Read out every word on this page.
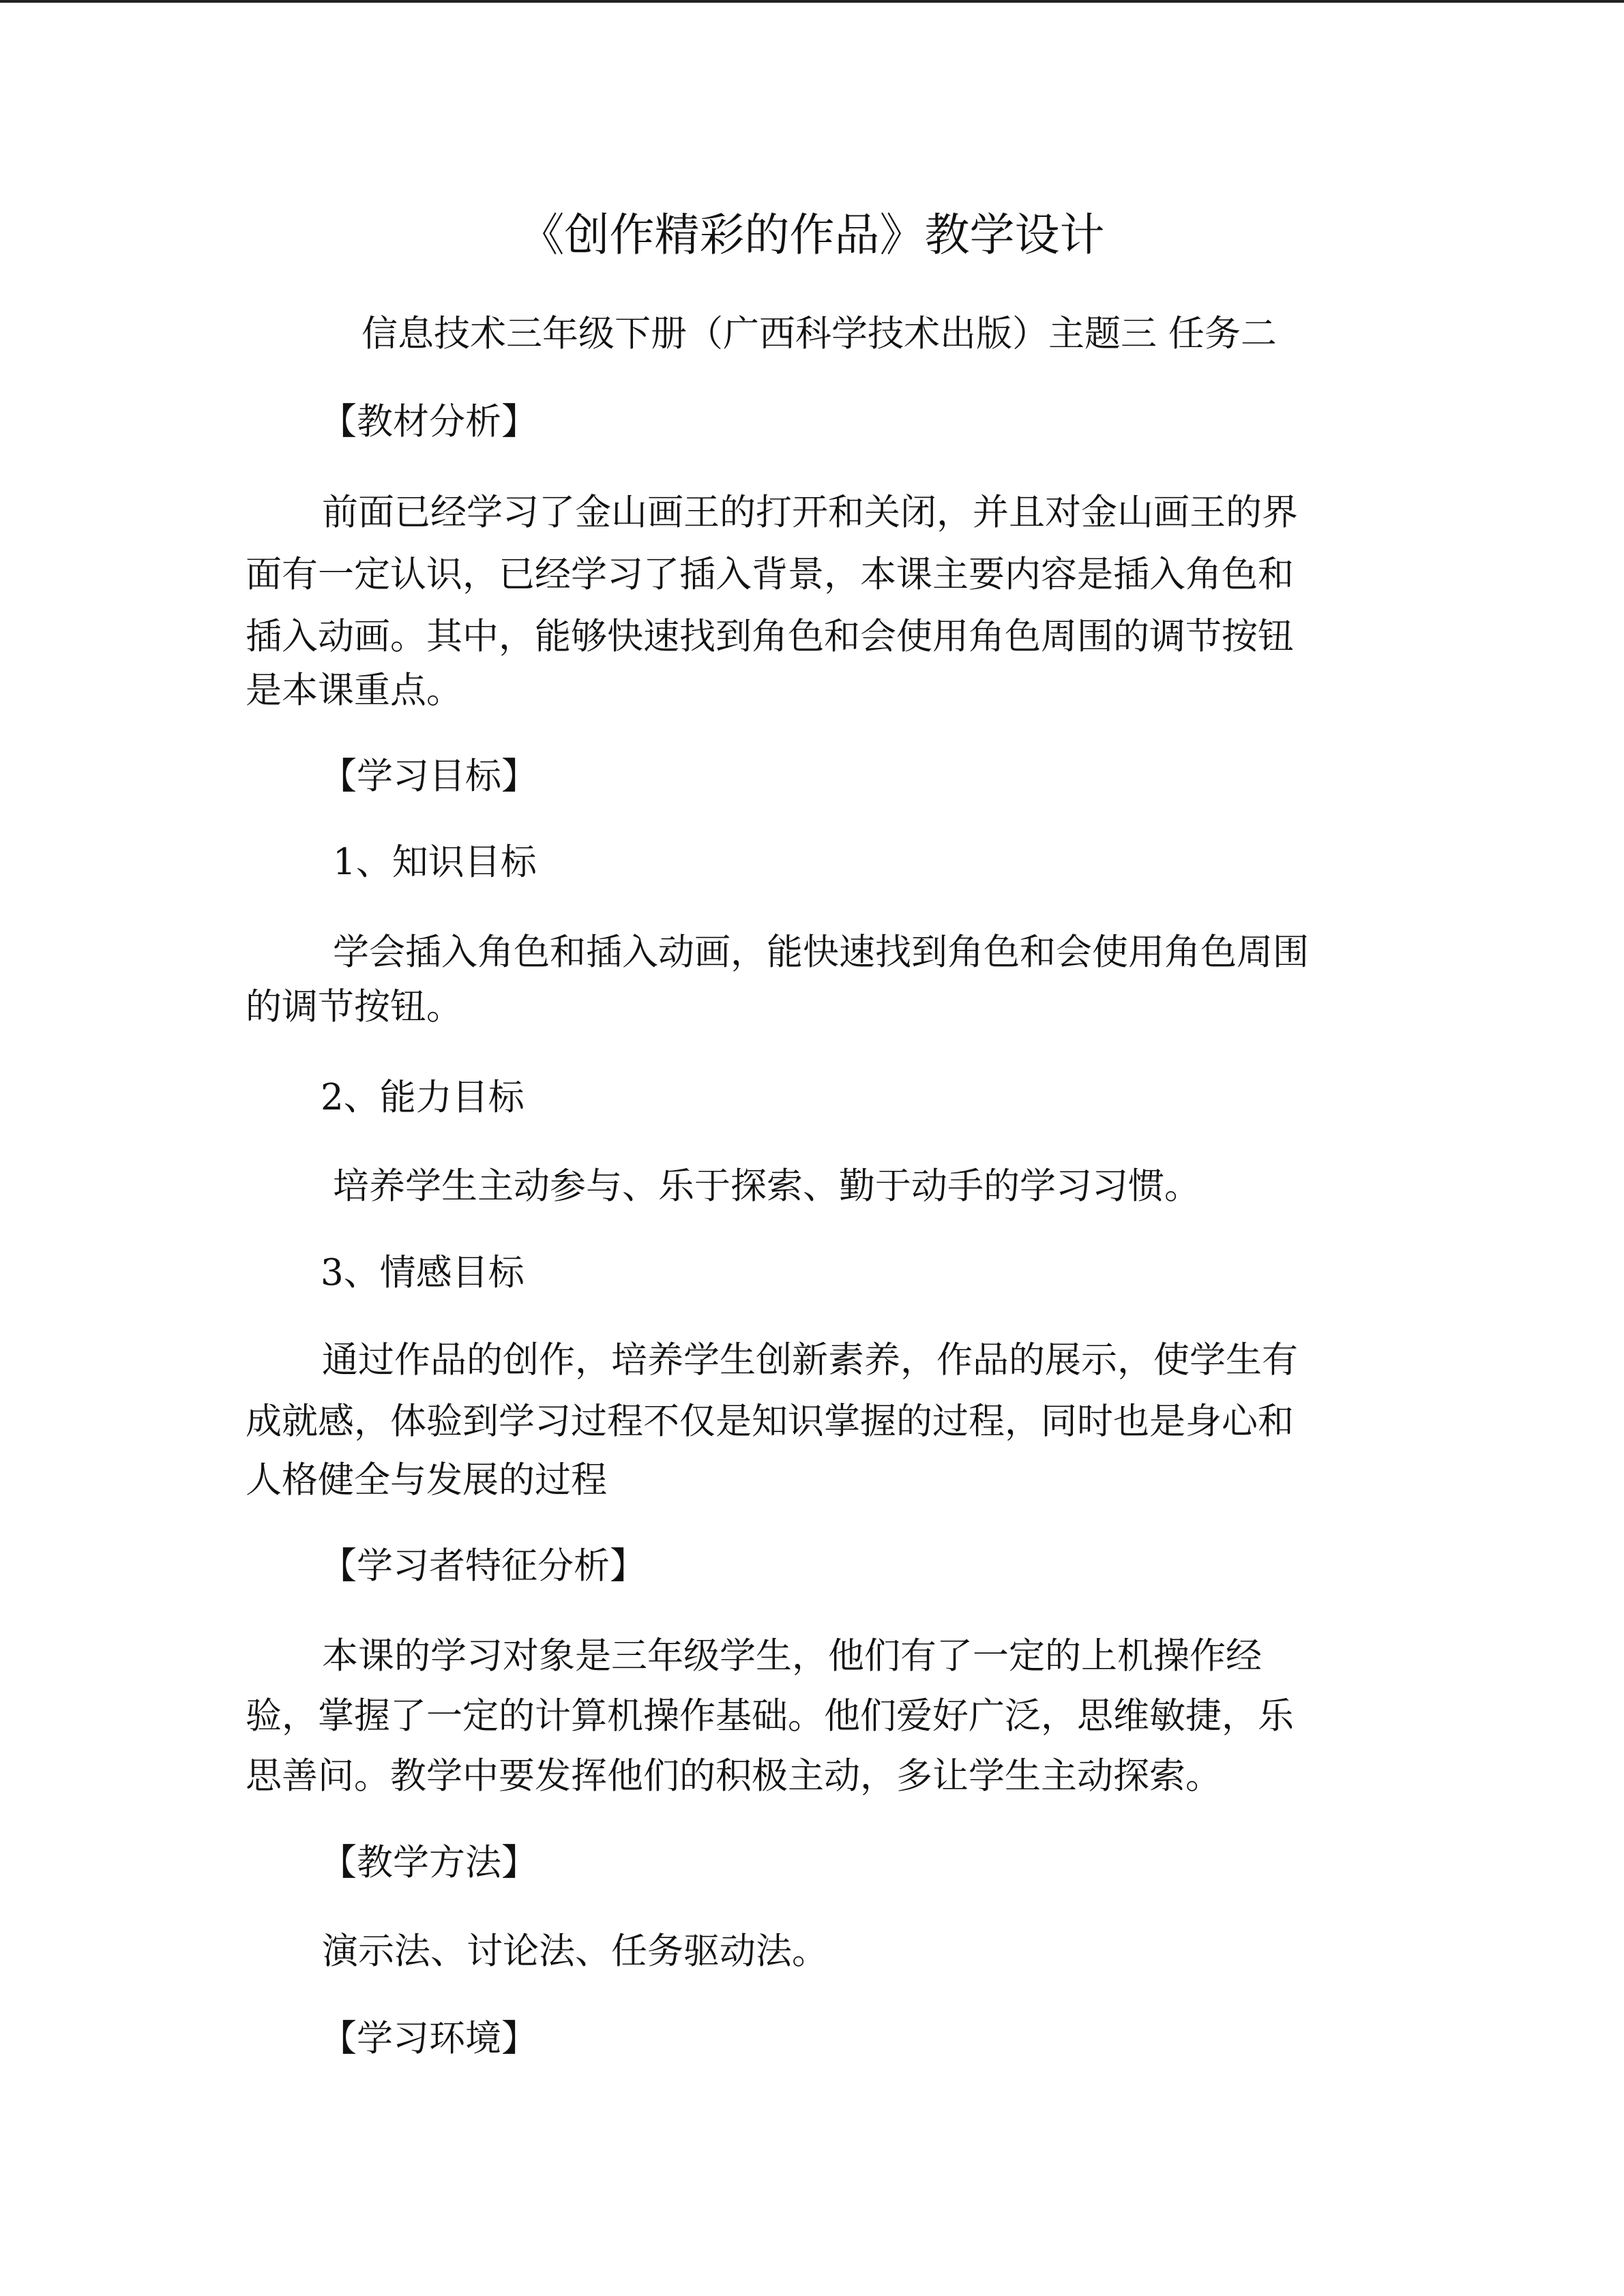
《创作精彩的作品》教学设计

信息技术三年级下册（广西科学技术出版）主题三 任务二

【教材分析】

前面已经学习了金山画王的打开和关闭，并且对金山画王的界

面有一定认识，已经学习了插入背景，本课主要内容是插入角色和

插入动画。其中，能够快速找到角色和会使用角色周围的调节按钮

是本课重点。

【学习目标】

1、知识目标

学会插入角色和插入动画，能快速找到角色和会使用角色周围

的调节按钮。

2、能力目标

培养学生主动参与、乐于探索、勤于动手的学习习惯。

3、情感目标

通过作品的创作，培养学生创新素养，作品的展示，使学生有

成就感，体验到学习过程不仅是知识掌握的过程，同时也是身心和

人格健全与发展的过程

【学习者特征分析】

本课的学习对象是三年级学生，他们有了一定的上机操作经

验，掌握了一定的计算机操作基础。他们爱好广泛，思维敏捷，乐

思善问。教学中要发挥他们的积极主动，多让学生主动探索。

【教学方法】

演示法、讨论法、任务驱动法。

【学习环境】
